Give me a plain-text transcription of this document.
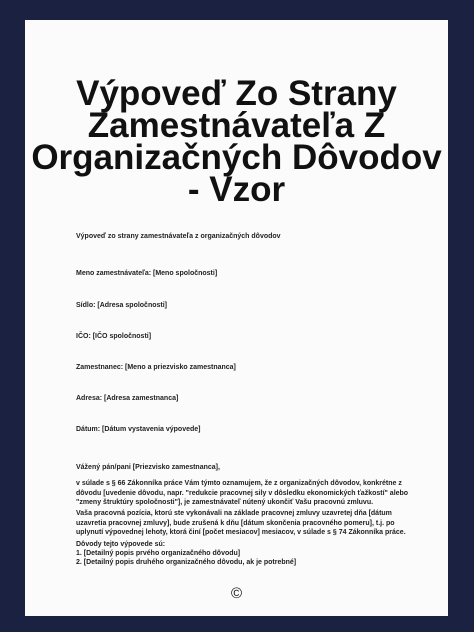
Výpoveď Zo Strany Zamestnávateľa Z Organizačných Dôvodov - Vzor

Výpoveď zo strany zamestnávateľa z organizačných dôvodov

Meno zamestnávateľa: [Meno spoločnosti]

Sídlo: [Adresa spoločnosti]

IČO: [IČO spoločnosti]

Zamestnanec: [Meno a priezvisko zamestnanca]

Adresa: [Adresa zamestnanca]

Dátum: [Dátum vystavenia výpovede]

Vážený pán/pani [Priezvisko zamestnanca],

v súlade s § 66 Zákonníka práce Vám týmto oznamujem, že z organizačných dôvodov, konkrétne z dôvodu [uvedenie dôvodu, napr. "redukcie pracovnej sily v dôsledku ekonomických ťažkostí" alebo "zmeny štruktúry spoločnosti"], je zamestnávateľ nútený ukončiť Vašu pracovnú zmluvu.

Vaša pracovná pozícia, ktorú ste vykonávali na základe pracovnej zmluvy uzavretej dňa [dátum uzavretia pracovnej zmluvy], bude zrušená k dňu [dátum skončenia pracovného pomeru], t.j. po uplynutí výpovednej lehoty, ktorá činí [počet mesiacov] mesiacov, v súlade s § 74 Zákonníka práce.

Dôvody tejto výpovede sú:

1. [Detailný popis prvého organizačného dôvodu]

2. [Detailný popis druhého organizačného dôvodu, ak je potrebné]

©
